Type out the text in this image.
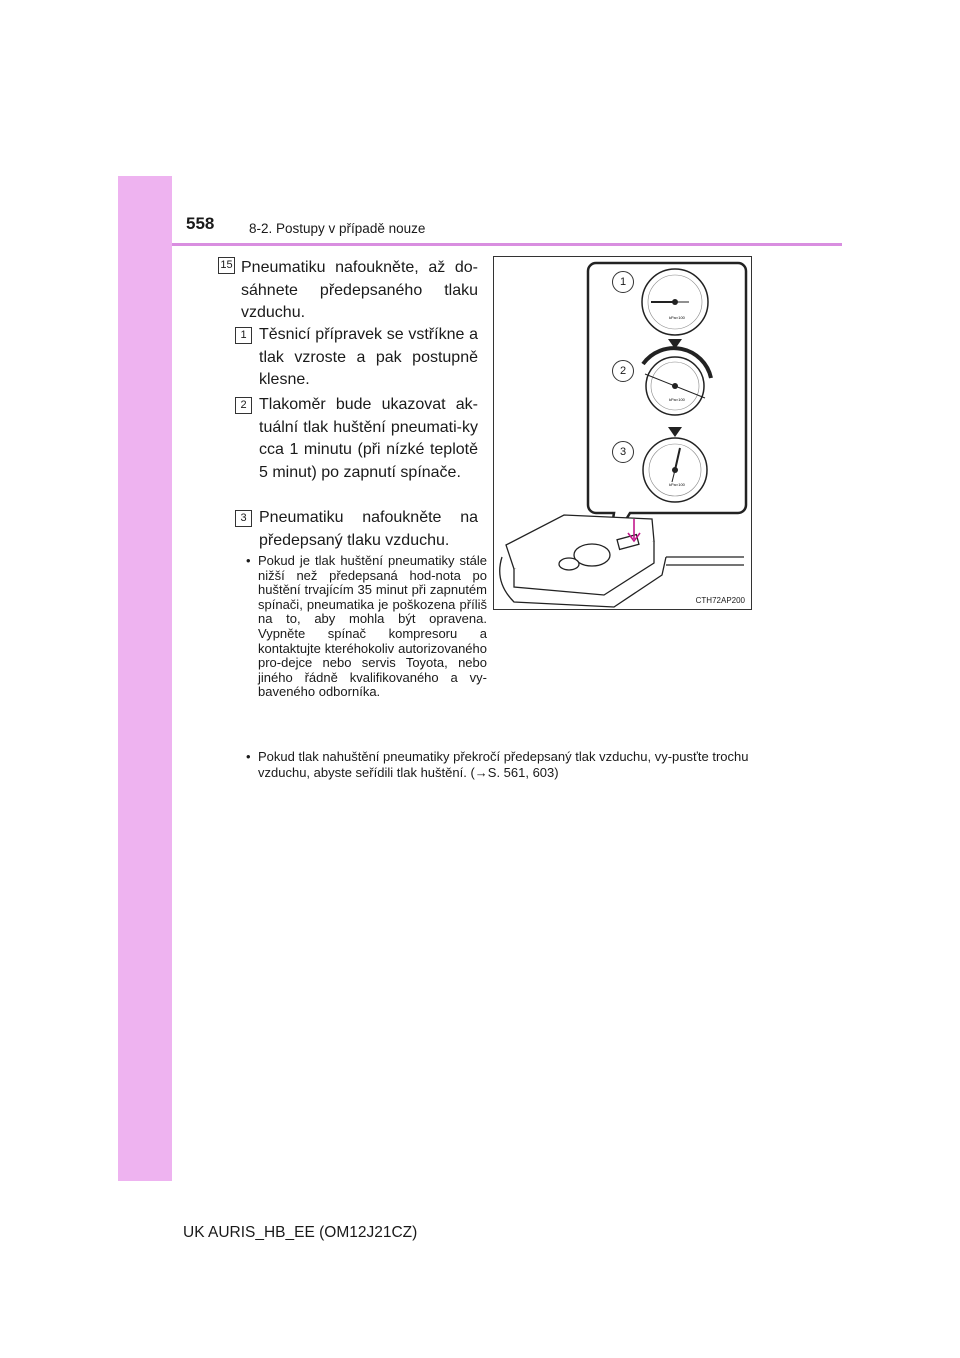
558	8-2. Postupy v případě nouze
15 Pneumatiku nafoukněte, až do-sáhnete předepsaného tlaku vzduchu.
1 Těsnicí přípravek se vstříkne a tlak vzroste a pak postupně klesne.
2 Tlakoměr bude ukazovat ak-tuální tlak huštění pneumati-ky cca 1 minutu (při nízké teplotě 5 minut) po zapnutí spínače.
3 Pneumatiku nafoukněte na předepsaný tlaku vzduchu.
• Pokud je tlak huštění pneumatiky stále nižší než předepsaná hod-nota po huštění trvajícím 35 minut při zapnutém spínači, pneumatika je poškozena příliš na to, aby mohla být opravena. Vypněte spínač kompresoru a kontaktujte kteréhokoliv autorizovaného pro-dejce nebo servis Toyota, nebo jiného řádně kvalifikovaného a vy-baveného odborníka.
• Pokud tlak nahuštění pneumatiky překročí předepsaný tlak vzduchu, vy-pusťte trochu vzduchu, abyste seřídili tlak huštění. (→S. 561, 603)
kPa×100
kPa×100
kPa×100
1
2
3
CTH72AP200
UK AURIS_HB_EE (OM12J21CZ)
